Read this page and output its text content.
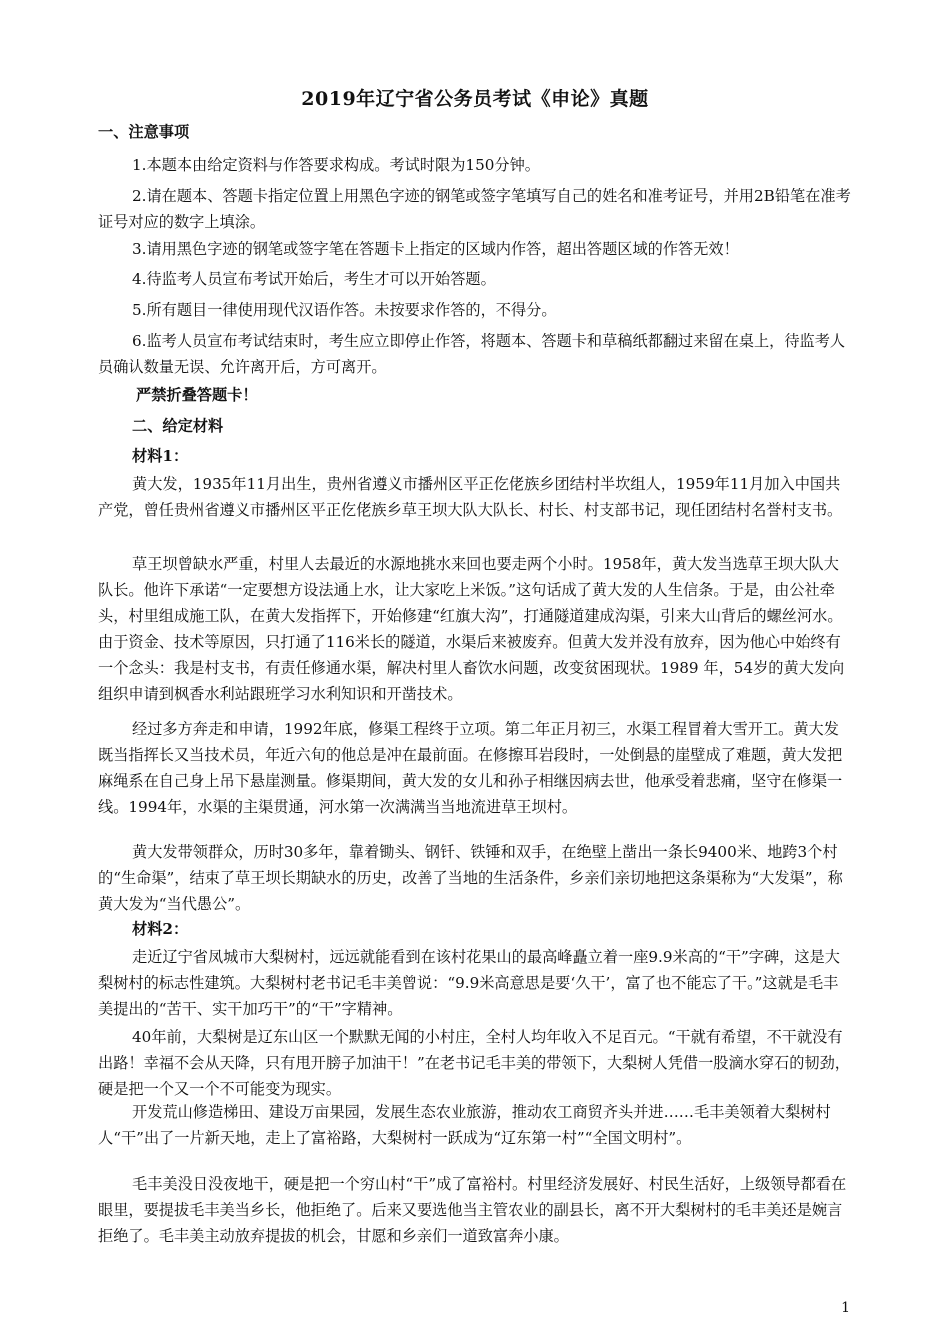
2019年辽宁省公务员考试《申论》真题

一、注意事项

1.本题本由给定资料与作答要求构成。考试时限为150分钟。

2.请在题本、答题卡指定位置上用黑色字迹的钢笔或签字笔填写自己的姓名和准考证号，并用2B铅笔在准考证号对应的数字上填涂。

3.请用黑色字迹的钢笔或签字笔在答题卡上指定的区域内作答，超出答题区域的作答无效！

4.待监考人员宣布考试开始后，考生才可以开始答题。

5.所有题目一律使用现代汉语作答。未按要求作答的，不得分。

6.监考人员宣布考试结束时，考生应立即停止作答，将题本、答题卡和草稿纸都翻过来留在桌上，待监考人员确认数量无误、允许离开后，方可离开。

严禁折叠答题卡！

二、给定材料

材料1：

黄大发，1935年11月出生，贵州省遵义市播州区平正仡佬族乡团结村半坎组人，1959年11月加入中国共产党，曾任贵州省遵义市播州区平正仡佬族乡草王坝大队大队长、村长、村支部书记，现任团结村名誉村支书。

草王坝曾缺水严重，村里人去最近的水源地挑水来回也要走两个小时。1958年，黄大发当选草王坝大队大队长。他许下承诺“一定要想方设法通上水，让大家吃上米饭。”这句话成了黄大发的人生信条。于是，由公社牵头，村里组成施工队，在黄大发指挥下，开始修建“红旗大沟”，打通隧道建成沟渠，引来大山背后的螺丝河水。由于资金、技术等原因，只打通了116米长的隧道，水渠后来被废弃。但黄大发并没有放弃，因为他心中始终有一个念头：我是村支书，有责任修通水渠，解决村里人畜饮水问题，改变贫困现状。1989 年，54岁的黄大发向组织申请到枫香水利站跟班学习水利知识和开凿技术。

经过多方奔走和申请，1992年底，修渠工程终于立项。第二年正月初三，水渠工程冒着大雪开工。黄大发既当指挥长又当技术员，年近六旬的他总是冲在最前面。在修擦耳岩段时，一处倒悬的崖壁成了难题，黄大发把麻绳系在自己身上吊下悬崖测量。修渠期间，黄大发的女儿和孙子相继因病去世，他承受着悲痛，坚守在修渠一线。1994年，水渠的主渠贯通，河水第一次满满当当地流进草王坝村。

黄大发带领群众，历时30多年，靠着锄头、钢钎、铁锤和双手，在绝壁上凿出一条长9400米、地跨3个村的“生命渠”，结束了草王坝长期缺水的历史，改善了当地的生活条件，乡亲们亲切地把这条渠称为“大发渠”，称黄大发为“当代愚公”。

材料2：

走近辽宁省凤城市大梨树村，远远就能看到在该村花果山的最高峰矗立着一座9.9米高的“干”字碑，这是大梨树村的标志性建筑。大梨树村老书记毛丰美曾说：“9.9米高意思是要‘久干’，富了也不能忘了干。”这就是毛丰美提出的“苦干、实干加巧干”的“干”字精神。

40年前，大梨树是辽东山区一个默默无闻的小村庄，全村人均年收入不足百元。“干就有希望，不干就没有出路！幸福不会从天降，只有甩开膀子加油干！”在老书记毛丰美的带领下，大梨树人凭借一股滴水穿石的韧劲，硬是把一个又一个不可能变为现实。

开发荒山修造梯田、建设万亩果园，发展生态农业旅游，推动农工商贸齐头并进……毛丰美领着大梨树村人“干”出了一片新天地，走上了富裕路，大梨树村一跃成为“辽东第一村”“全国文明村”。

毛丰美没日没夜地干，硬是把一个穷山村“干”成了富裕村。村里经济发展好、村民生活好，上级领导都看在眼里，要提拔毛丰美当乡长，他拒绝了。后来又要选他当主管农业的副县长，离不开大梨树村的毛丰美还是婉言拒绝了。毛丰美主动放弃提拔的机会，甘愿和乡亲们一道致富奔小康。

1
